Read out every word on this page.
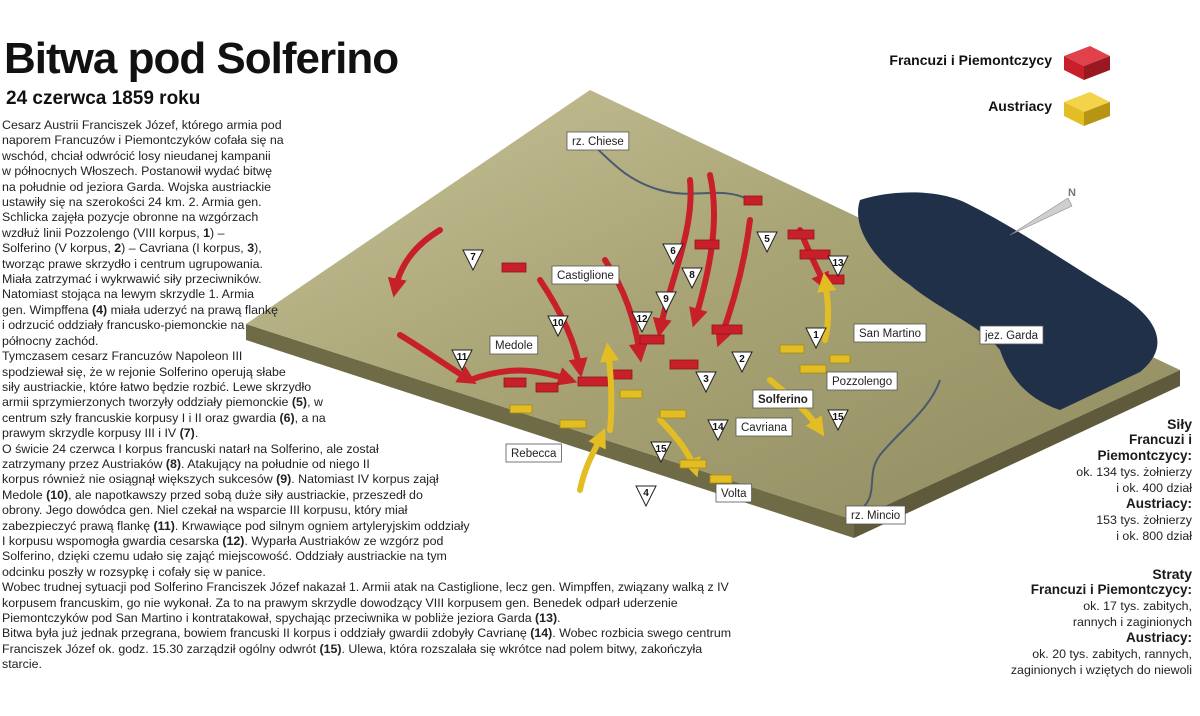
N
rz. Chiese
Castiglione
Medole
Rebecca
Solferino
Cavriana
Volta
Pozzolengo
San Martino	jez. Garda
rz. Mincio
7
6
5
13
8
9
12
10
11
1
2
3
14
15
15
4
Bitwa pod Solferino
24 czerwca 1859 roku

Cesarz Austrii Franciszek Józef, którego armia pod naporem Francuzów i Piemontczyków cofała się na wschód, chciał odwrócić losy nieudanej kampanii w północnych Włoszech. Postanowił wydać bitwę na południe od jeziora Garda. Wojska austriackie ustawiły się na szerokości 24 km. 2. Armia gen. Schlicka zajęła pozycje obronne na wzgórzach wzdłuż linii Pozzolengo (VIII korpus, 1) – Solferino (V korpus, 2) – Cavriana (I korpus, 3), tworząc prawe skrzydło i centrum ugrupowania. Miała zatrzymać i wykrwawić siły przeciwników. Natomiast stojąca na lewym skrzydle 1. Armia gen. Wimpffena (4) miała uderzyć na prawą flankę i odrzucić oddziały francusko-piemonckie na północny zachód.

Tymczasem cesarz Francuzów Napoleon III spodziewał się, że w rejonie Solferino operują słabe siły austriackie, które łatwo będzie rozbić. Lewe skrzydło armii sprzymierzonych tworzyły oddziały piemonckie (5), w centrum szły francuskie korpusy I i II oraz gwardia (6), a na prawym skrzydle korpusy III i IV (7).

O świcie 24 czerwca I korpus francuski natarł na Solferino, ale został zatrzymany przez Austriaków (8). Atakujący na południe od niego II korpus również nie osiągnął większych sukcesów (9). Natomiast IV korpus zajął Medole (10), ale napotkawszy przed sobą duże siły austriackie, przeszedł do obrony. Jego dowódca gen. Niel czekał na wsparcie III korpusu, który miał zabezpieczyć prawą flankę (11). Krwawiące pod silnym ogniem artyleryjskim oddziały I korpusu wspomogła gwardia cesarska (12). Wyparła Austriaków ze wzgórz pod Solferino, dzięki czemu udało się zająć miejscowość. Oddziały austriackie na tym odcinku poszły w rozsypkę i cofały się w panice.

Wobec trudnej sytuacji pod Solferino Franciszek Józef nakazał 1. Armii atak na Castiglione, lecz gen. Wimpffen, związany walką z IV korpusem francuskim, go nie wykonał. Za to na prawym skrzydle dowodzący VIII korpusem gen. Benedek odparł uderzenie Piemontczyków pod San Martino i kontratakował, spychając przeciwnika w pobliże jeziora Garda (13).

Bitwa była już jednak przegrana, bowiem francuski II korpus i oddziały gwardii zdobyły Cavrianę (14). Wobec rozbicia swego centrum Franciszek Józef ok. godz. 15.30 zarządził ogólny odwrót (15). Ulewa, która rozszalała się wkrótce nad polem bitwy, zakończyła starcie.

Francuzi i Piemontczycy
Austriacy
Siły
Francuzi i Piemontczycy:
ok. 134 tys. żołnierzy
i ok. 400 dział
Austriacy:
153 tys. żołnierzy
i ok. 800 dział
Straty
Francuzi i Piemontczycy:
ok. 17 tys. zabitych,
rannych i zaginionych
Austriacy:
ok. 20 tys. zabitych, rannych,
zaginionych i wziętych do niewoli
